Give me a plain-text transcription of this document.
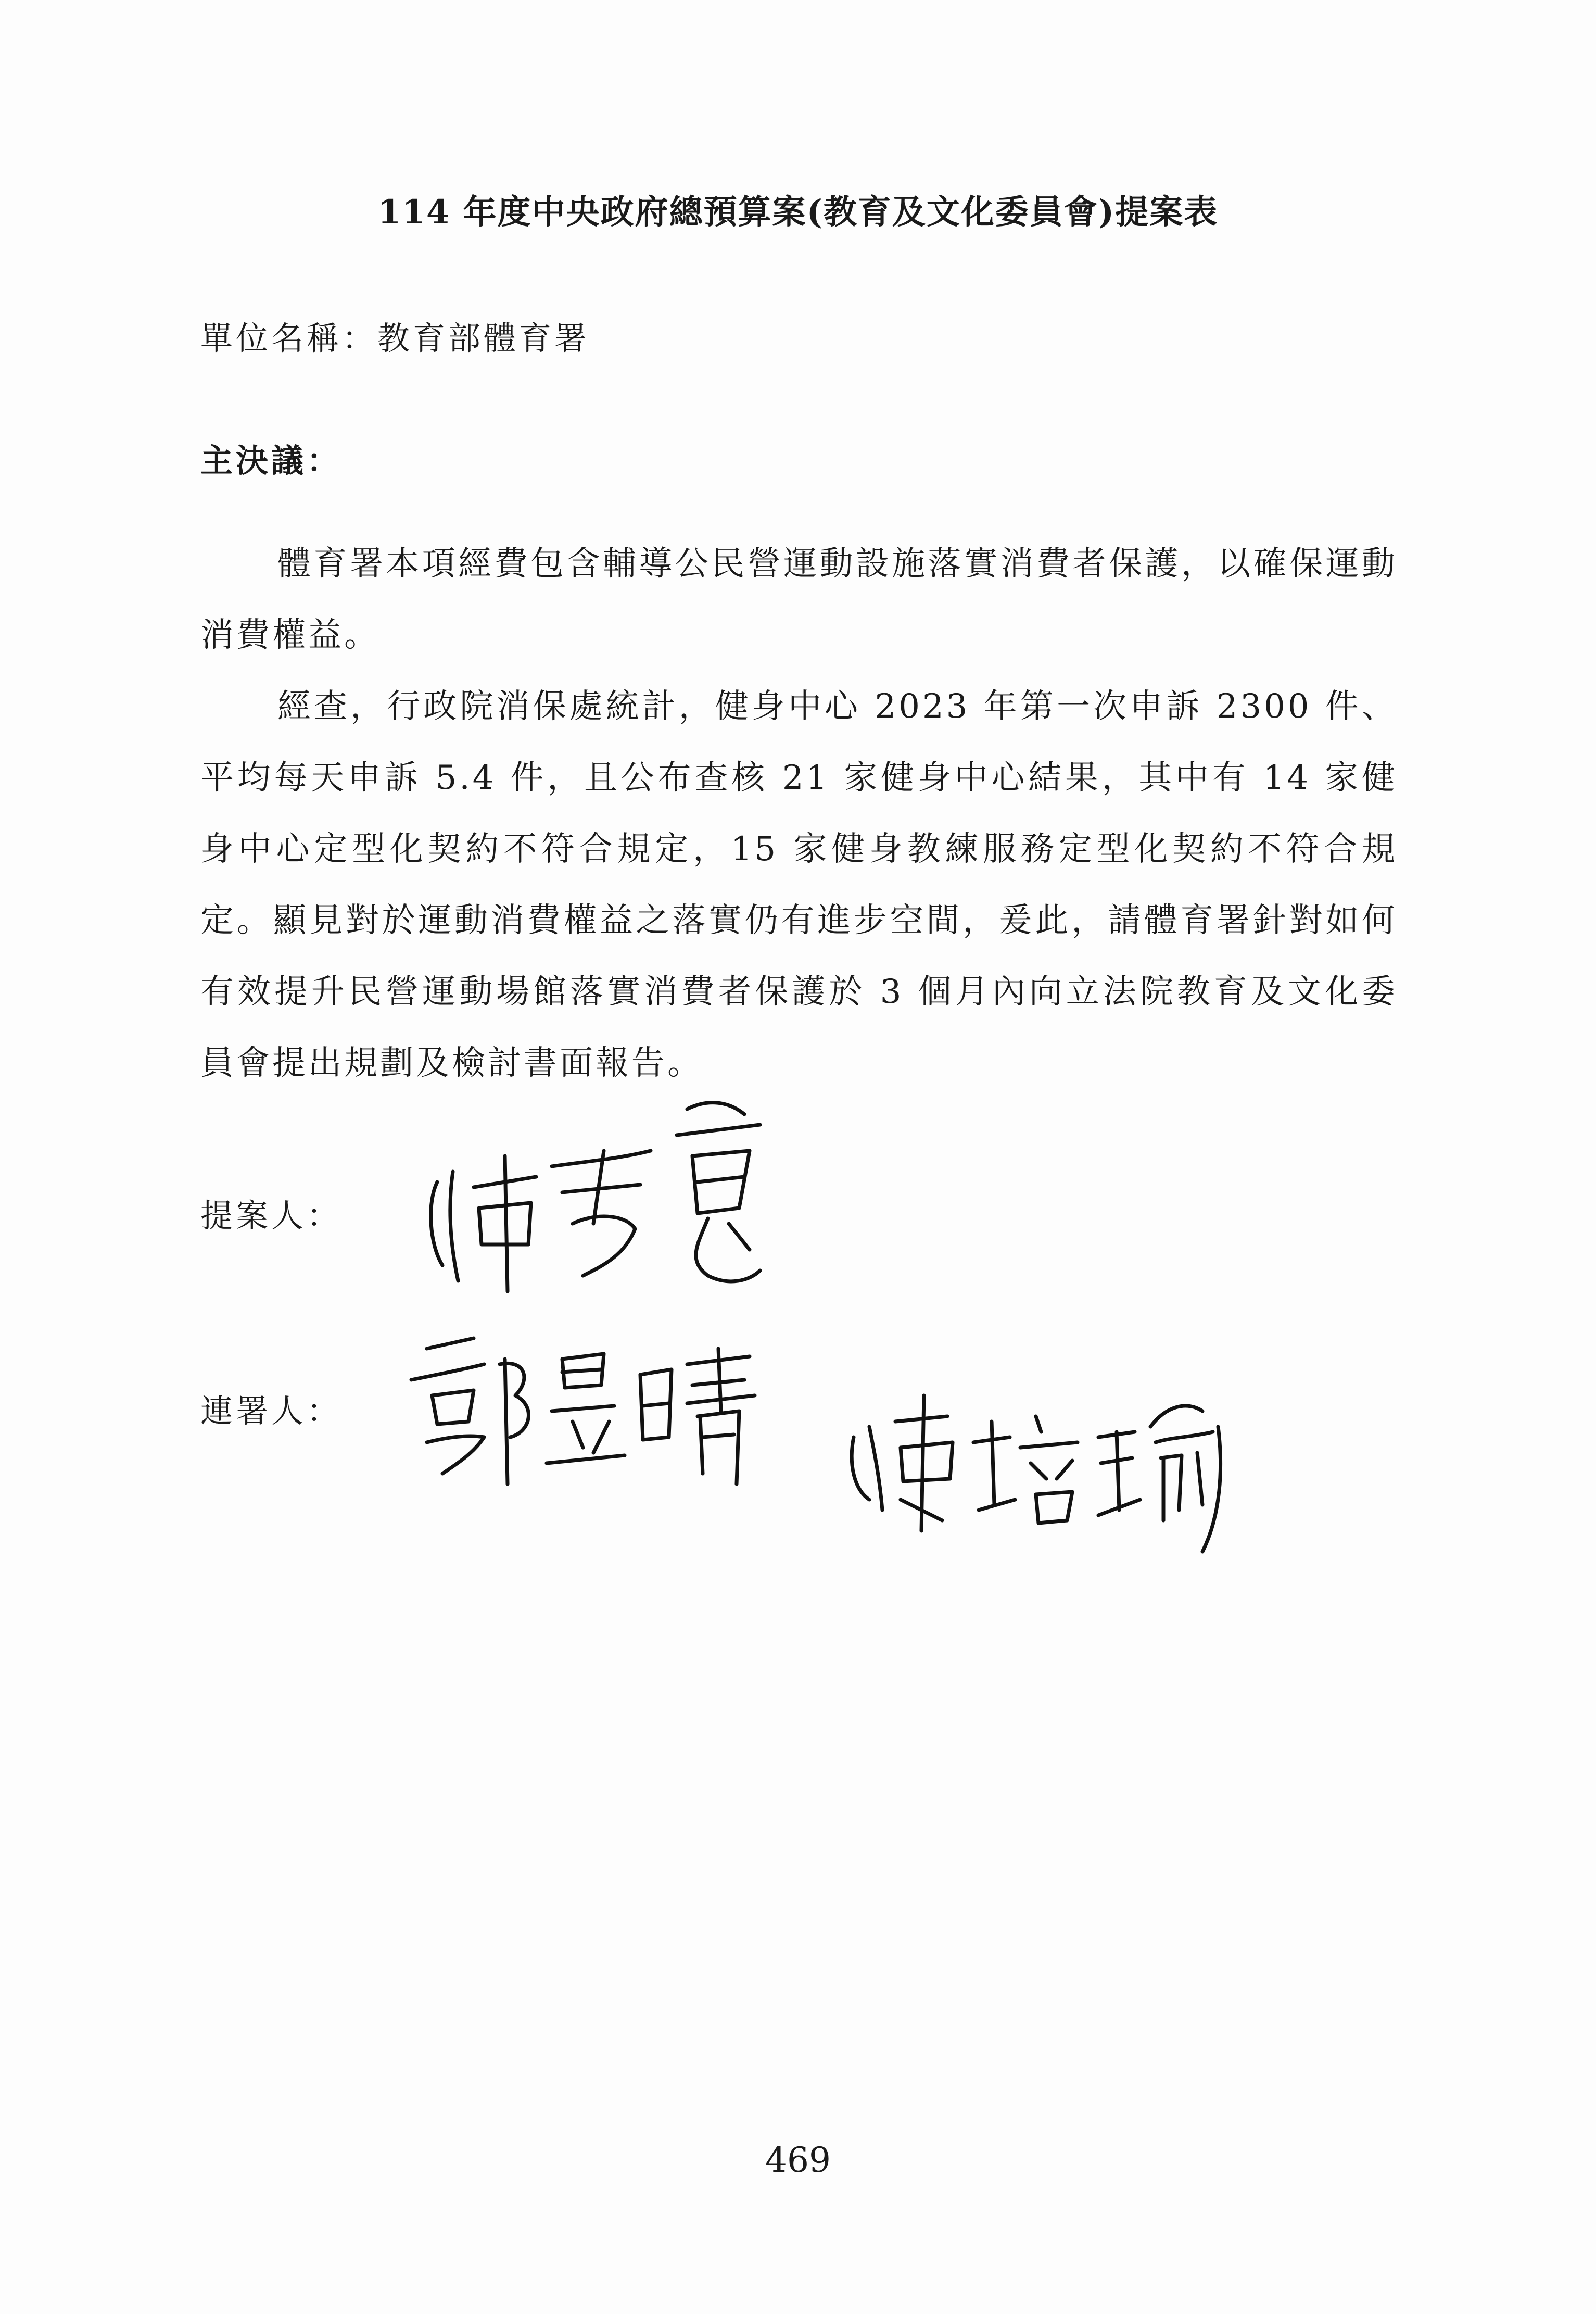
114 年度中央政府總預算案(教育及文化委員會)提案表
單位名稱：教育部體育署
主決議：

體育署本項經費包含輔導公民營運動設施落實消費者保護，以確保運動消費權益。

經查，行政院消保處統計，健身中心 2023 年第一次申訴 2300 件、平均每天申訴 5.4 件，且公布查核 21 家健身中心結果，其中有 14 家健身中心定型化契約不符合規定，15 家健身教練服務定型化契約不符合規定。顯見對於運動消費權益之落實仍有進步空間，爰此，請體育署針對如何有效提升民營運動場館落實消費者保護於 3 個月內向立法院教育及文化委員會提出規劃及檢討書面報告。

提案人：
連署人：
469
